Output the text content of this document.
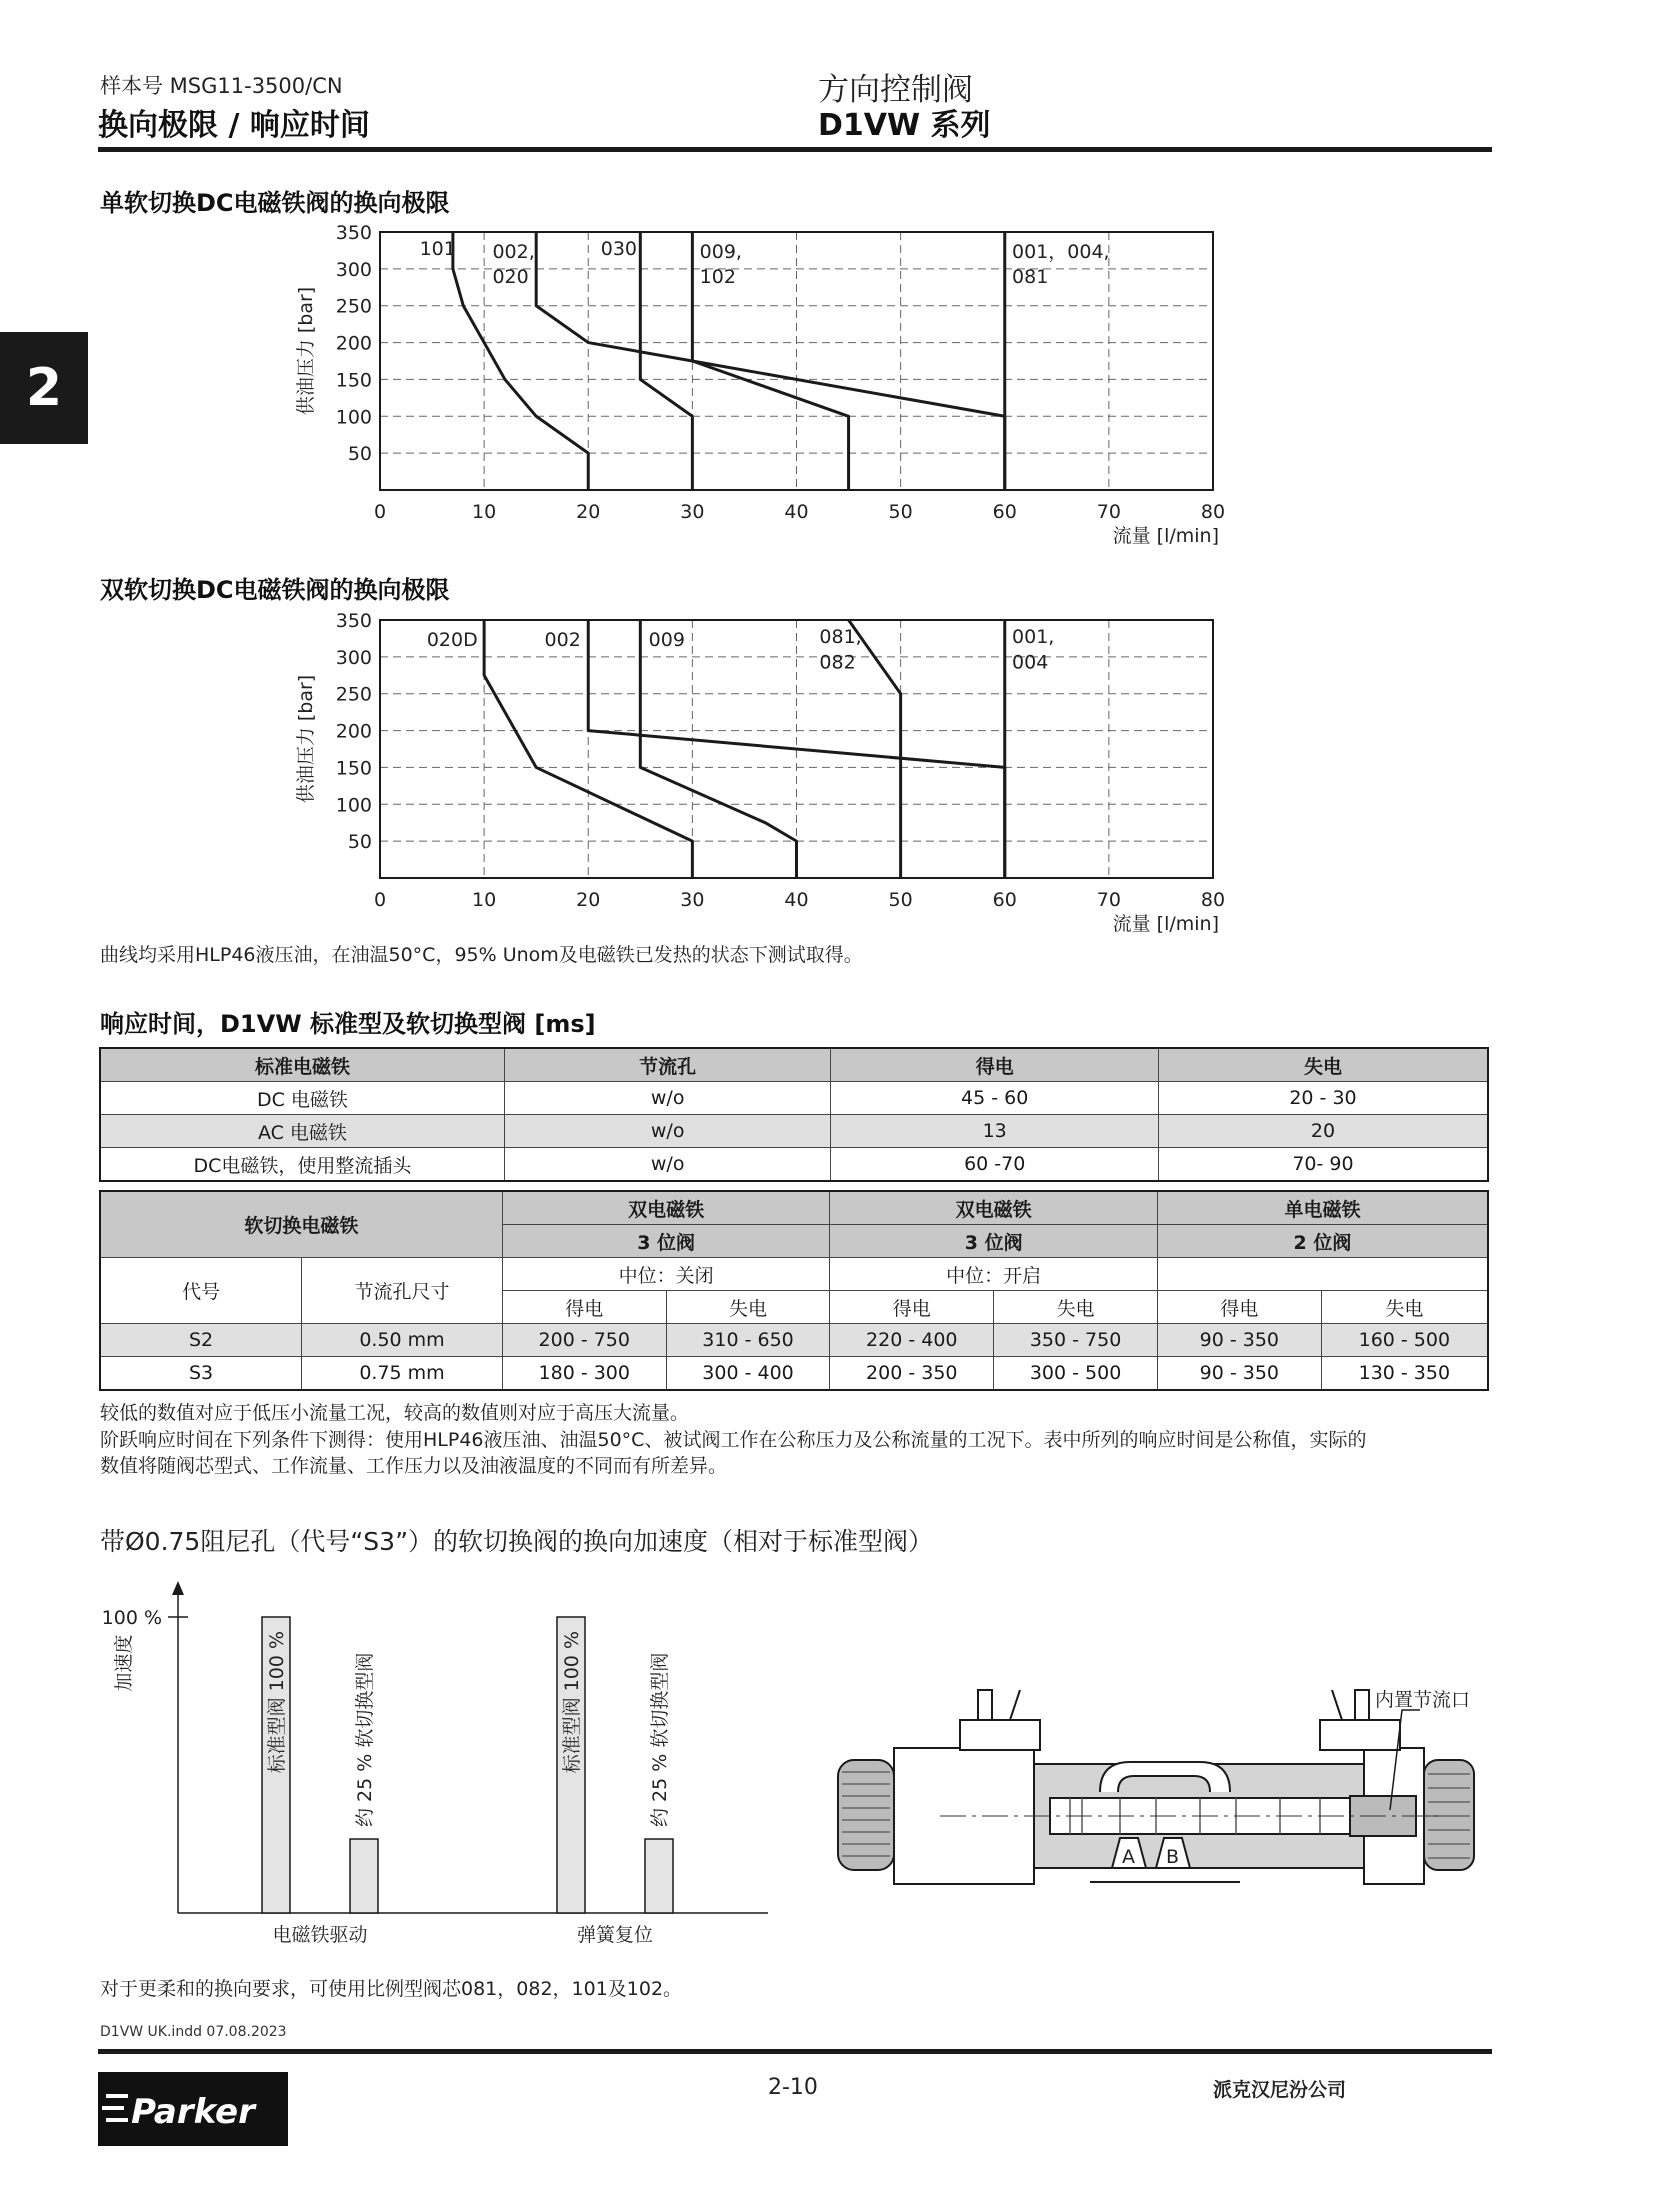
样本号 MSG11-3500/CN
换向极限 / 响应时间
方向控制阀
D1VW 系列
2
单软切换DC电磁铁阀的换向极限
0	10	20	30	40	50	60	70	80
50
100
150
200
250
300
350
101 002,
020
030	009,
102
001，004,
081
供油压力 [bar]
流量 [l/min]
双软切换DC电磁铁阀的换向极限
0	10	20	30	40	50	60	70	80
50
100
150
200
250
300
350
020D	002	009	081,
082
001,
004
供油压力 [bar]
流量 [l/min]
曲线均采用HLP46液压油，在油温50°C，95% Unom及电磁铁已发热的状态下测试取得。
响应时间，D1VW 标准型及软切换型阀 [ms]
标准电磁铁	节流孔	得电	失电
DC 电磁铁	w/o	45 - 60	20 - 30
AC 电磁铁	w/o	13	20
DC电磁铁，使用整流插头	w/o	60 -70	70- 90
软切换电磁铁		双电磁铁		双电磁铁		单电磁铁	
		3 位阀		3 位阀		2 位阀	
代号	节流孔尺寸	中位：关闭		中位：开启			
		得电	失电	得电	失电	得电	失电
S2	0.50 mm	200 - 750	310 - 650	220 - 400	350 - 750	90 - 350	160 - 500
S3	0.75 mm	180 - 300	300 - 400	200 - 350	300 - 500	90 - 350	130 - 350
较低的数值对应于低压小流量工况，较高的数值则对应于高压大流量。
阶跃响应时间在下列条件下测得：使用HLP46液压油、油温50°C、被试阀工作在公称压力及公称流量的工况下。表中所列的响应时间是公称值，实际的
数值将随阀芯型式、工作流量、工作压力以及油液温度的不同而有所差异。
带Ø0.75阻尼孔（代号“S3”）的软切换阀的换向加速度（相对于标准型阀）
100 %
加速度	标准型阀 100 %	约 25 % 软切换型阀
电磁铁驱动
标准型阀 100 %	约 25 % 软切换型阀
弹簧复位
内置节流口
A B
对于更柔和的换向要求，可使用比例型阀芯081，082，101及102。
D1VW UK.indd 07.08.2023
Parker
2-10	派克汉尼汾公司
